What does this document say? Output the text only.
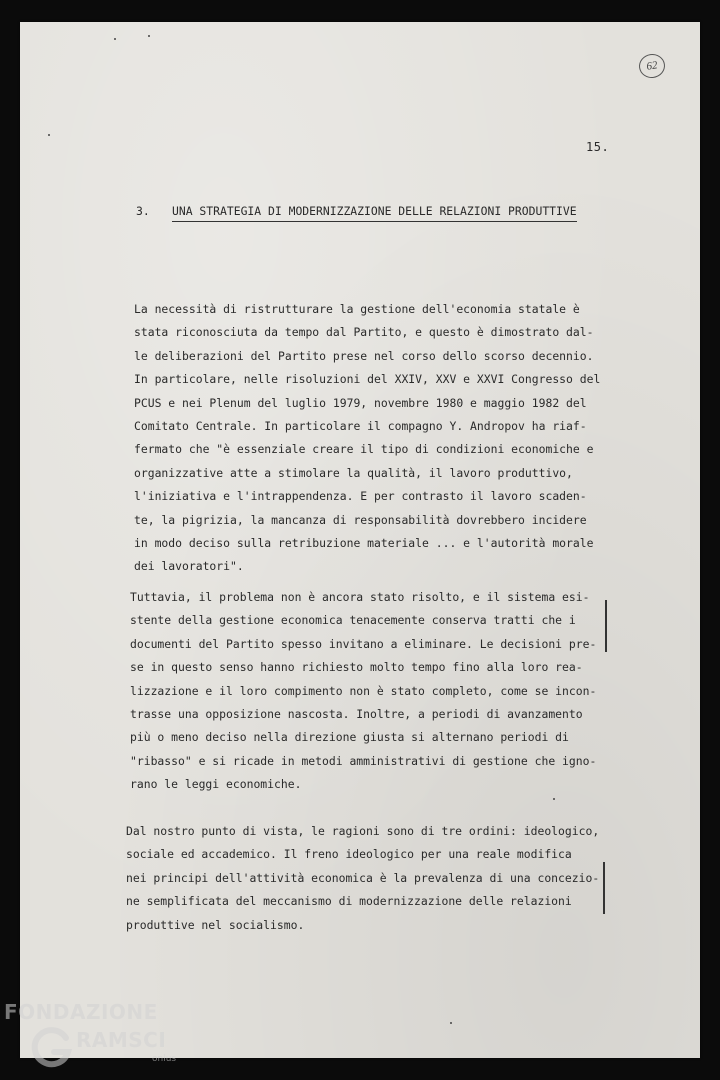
62
15.
3. UNA STRATEGIA DI MODERNIZZAZIONE DELLE RELAZIONI PRODUTTIVE

La necessità di ristrutturare la gestione dell'economia statale è
stata riconosciuta da tempo dal Partito, e questo è dimostrato dal-
le deliberazioni del Partito prese nel corso dello scorso decennio.
In particolare, nelle risoluzioni del XXIV, XXV e XXVI Congresso del
PCUS e nei Plenum del luglio 1979, novembre 1980 e maggio 1982 del
Comitato Centrale. In particolare il compagno Y. Andropov ha riaf-
fermato che "è essenziale creare il tipo di condizioni economiche e
organizzative atte a stimolare la qualità, il lavoro produttivo,
l'iniziativa e l'intrappendenza. E per contrasto il lavoro scaden-
te, la pigrizia, la mancanza di responsabilità dovrebbero incidere
in modo deciso sulla retribuzione materiale ... e l'autorità morale
dei lavoratori".

Tuttavia, il problema non è ancora stato risolto, e il sistema esi-
stente della gestione economica tenacemente conserva tratti che i
documenti del Partito spesso invitano a eliminare. Le decisioni pre-
se in questo senso hanno richiesto molto tempo fino alla loro rea-
lizzazione e il loro compimento non è stato completo, come se incon-
trasse una opposizione nascosta. Inoltre, a periodi di avanzamento
più o meno deciso nella direzione giusta si alternano periodi di
"ribasso" e si ricade in metodi amministrativi di gestione che igno-
rano le leggi economiche.

Dal nostro punto di vista, le ragioni sono di tre ordini: ideologico,
sociale ed accademico. Il freno ideologico per una reale modifica
nei principi dell'attività economica è la prevalenza di una concezio-
ne semplificata del meccanismo di modernizzazione delle relazioni
produttive nel socialismo.

FONDAZIONE
RAMSCI
onlus
